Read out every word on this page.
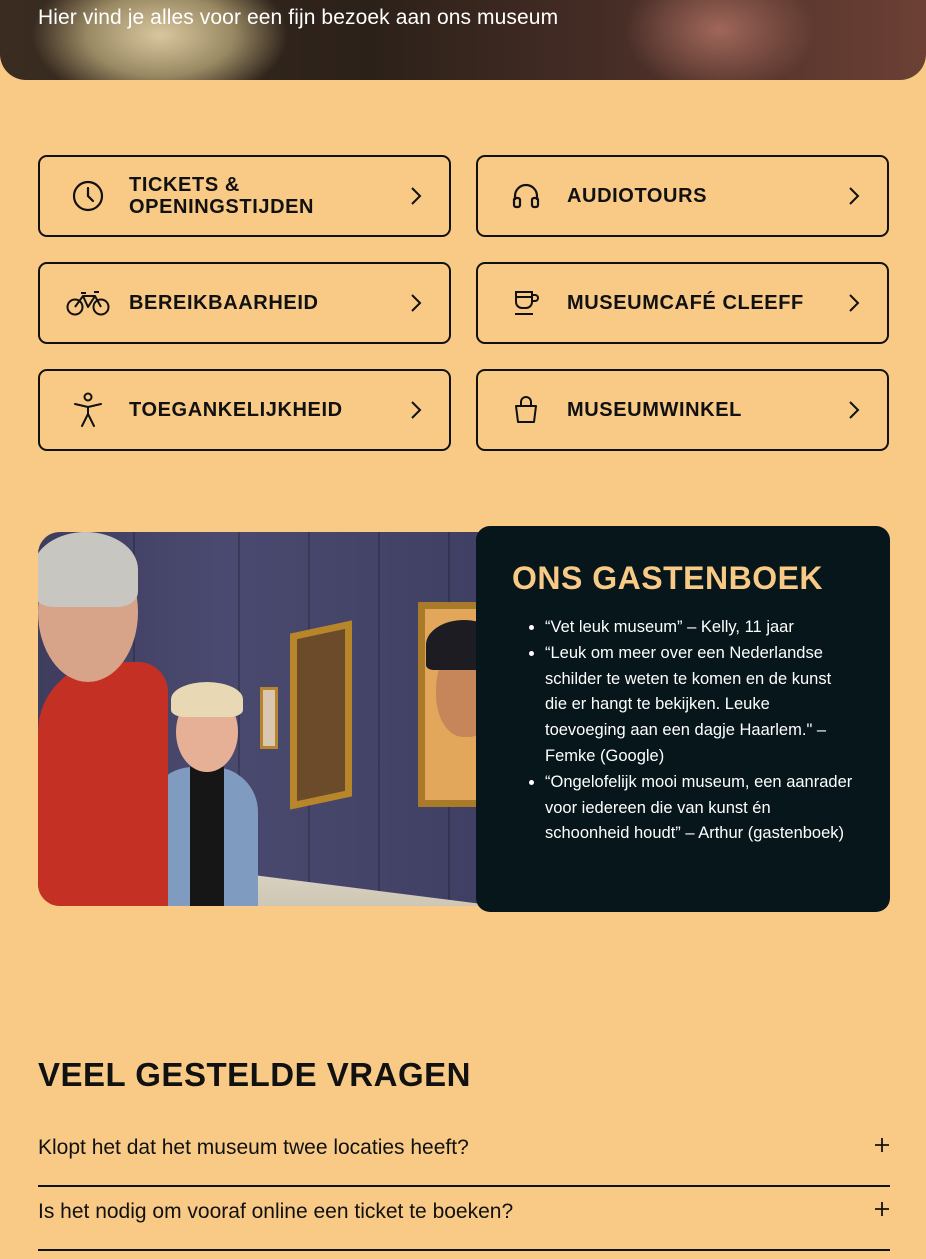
Hier vind je alles voor een fijn bezoek aan ons museum
TICKETS & OPENINGSTIJDEN	AUDIOTOURS
BEREIKBAARHEID	MUSEUMCAFÉ CLEEFF
TOEGANKELIJKHEID	MUSEUMWINKEL
ONS GASTENBOEK
• “Vet leuk museum” – Kelly, 11 jaar
• “Leuk om meer over een Nederlandse schilder te weten te komen en de kunst die er hangt te bekijken. Leuke toevoeging aan een dagje Haarlem." – Femke (Google)
• “Ongelofelijk mooi museum, een aanrader voor iedereen die van kunst én schoonheid houdt” – Arthur (gastenboek)
VEEL GESTELDE VRAGEN
Klopt het dat het museum twee locaties heeft?
Is het nodig om vooraf online een ticket te boeken?
